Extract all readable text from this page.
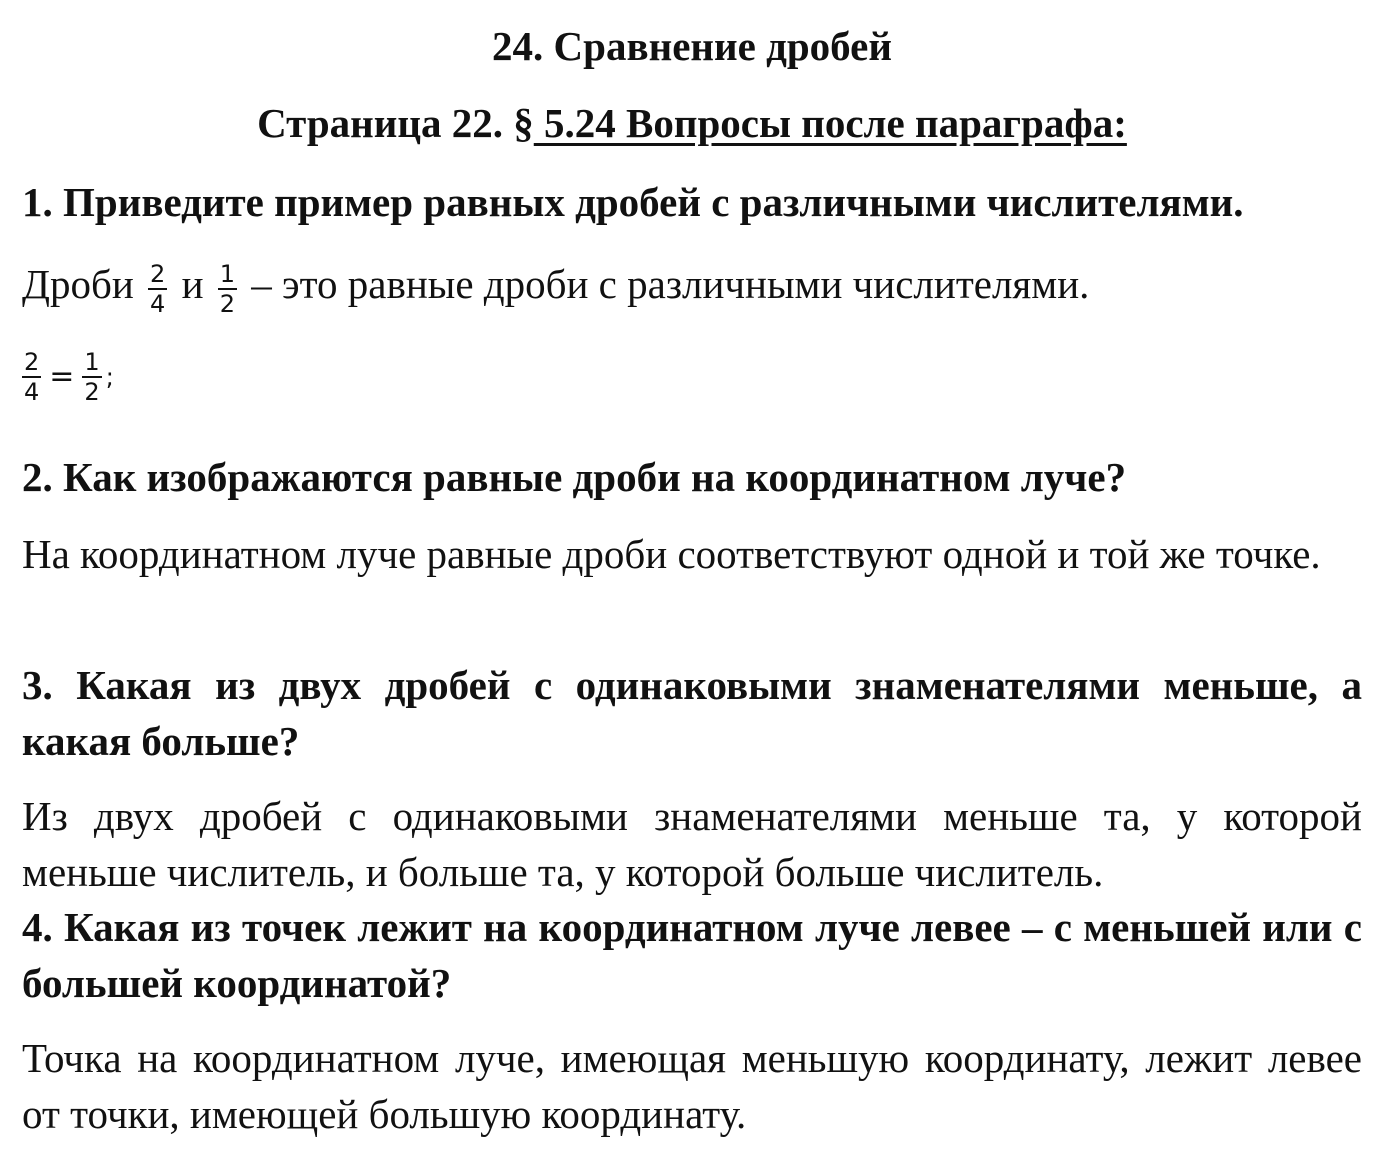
24. Сравнение дробей
Страница 22. § 5.24 Вопросы после параграфа:
1. Приведите пример равных дробей с различными числителями.
Дроби $\frac{2}{4}$ и $\frac{1}{2}$ – это равные дроби с различными числителями.
$\frac{2}{4} = \frac{1}{2}$ ;
2. Как изображаются равные дроби на координатном луче?
На координатном луче равные дроби соответствуют одной и той же точке.
3. Какая из двух дробей с одинаковыми знаменателями меньше, а какая больше?
Из двух дробей с одинаковыми знаменателями меньше та, у которой меньше числитель, и больше та, у которой больше числитель.
4. Какая из точек лежит на координатном луче левее – с меньшей или с большей координатой?
Точка на координатном луче, имеющая меньшую координату, лежит левее от точки, имеющей большую координату.
